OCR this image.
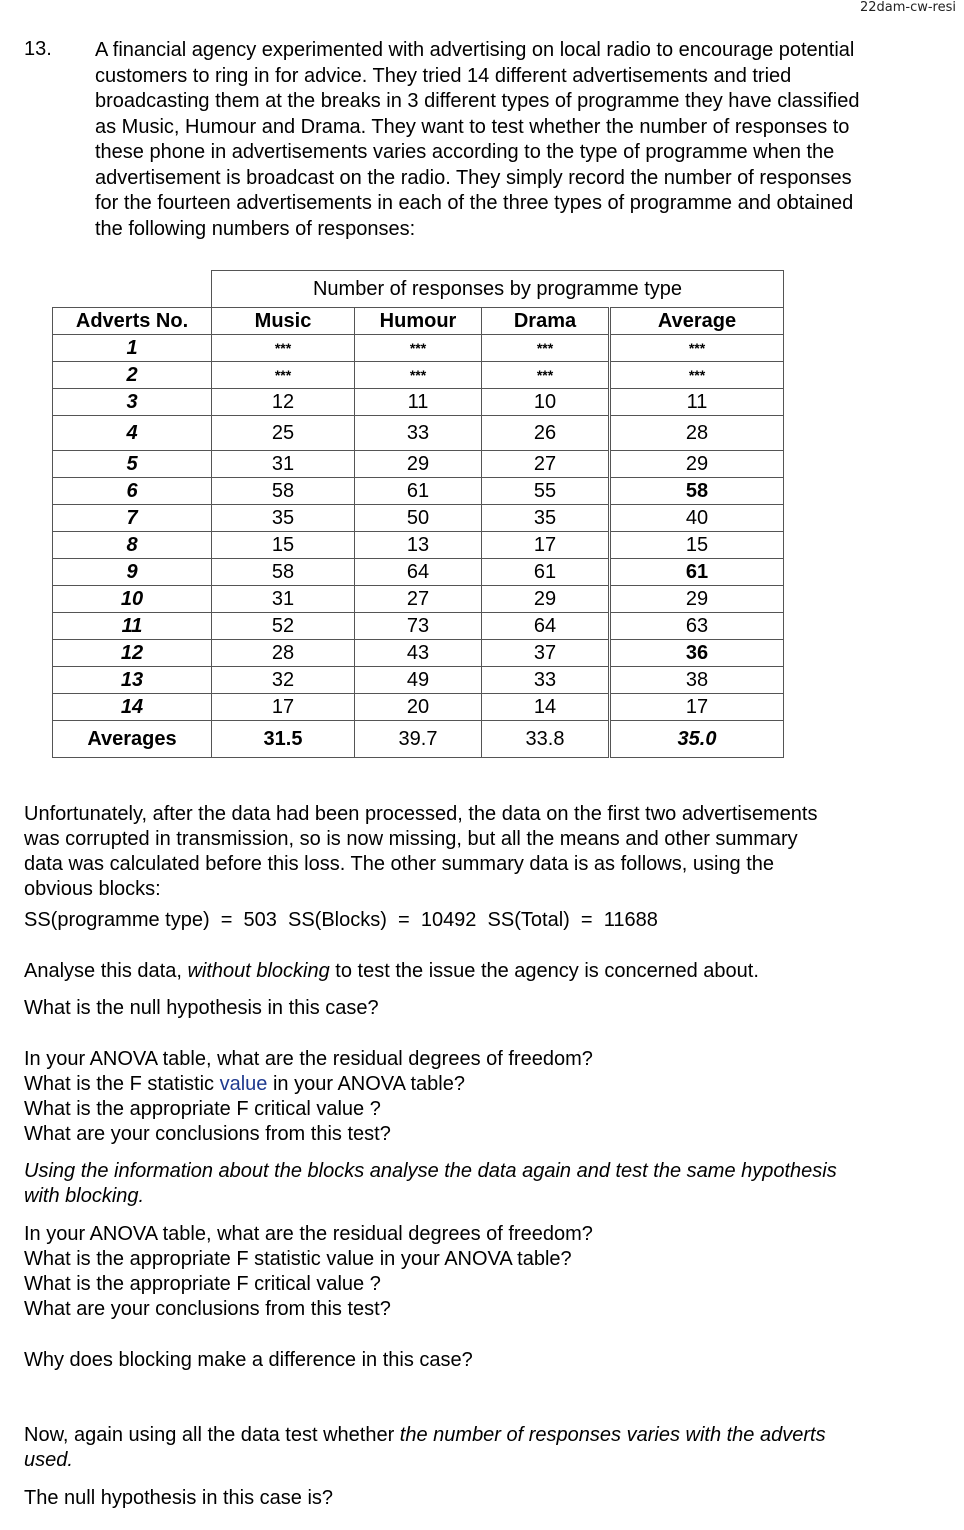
22dam-cw-resi
13. A financial agency experimented with advertising on local radio to encourage potential

customers to ring in for advice. They tried 14 different advertisements and tried

broadcasting them at the breaks in 3 different types of programme they have classified

as Music, Humour and Drama. They want to test whether the number of responses to

these phone in advertisements varies according to the type of programme when the

advertisement is broadcast on the radio. They simply record the number of responses

for the fourteen advertisements in each of the three types of programme and obtained

the following numbers of responses:

	Number of responses by programme type			
Adverts No.	Music	Humour	Drama	Average
1	***	***	***	***
2	***	***	***	***
3	12	11	10	11
4	25	33	26	28
5	31	29	27	29
6	58	61	55	58
7	35	50	35	40
8	15	13	17	15
9	58	64	61	61
10	31	27	29	29
11	52	73	64	63
12	28	43	37	36
13	32	49	33	38
14	17	20	14	17
Averages	31.5	39.7	33.8	35.0

Unfortunately, after the data had been processed, the data on the first two advertisements

was corrupted in transmission, so is now missing, but all the means and other summary

data was calculated before this loss. The other summary data is as follows, using the

obvious blocks:

SS(programme type)  =  503  SS(Blocks)  =  10492  SS(Total)  =  11688
Analyse this data, without blocking to test the issue the agency is concerned about.
What is the null hypothesis in this case?

In your ANOVA table, what are the residual degrees of freedom?

What is the F statistic value in your ANOVA table?

What is the appropriate F critical value ?

What are your conclusions from this test?

Using the information about the blocks analyse the data again and test the same hypothesis

with blocking.

In your ANOVA table, what are the residual degrees of freedom?

What is the appropriate F statistic value in your ANOVA table?

What is the appropriate F critical value ?

What are your conclusions from this test?

Why does blocking make a difference in this case?

Now, again using all the data test whether the number of responses varies with the adverts

used.

The null hypothesis in this case is?
